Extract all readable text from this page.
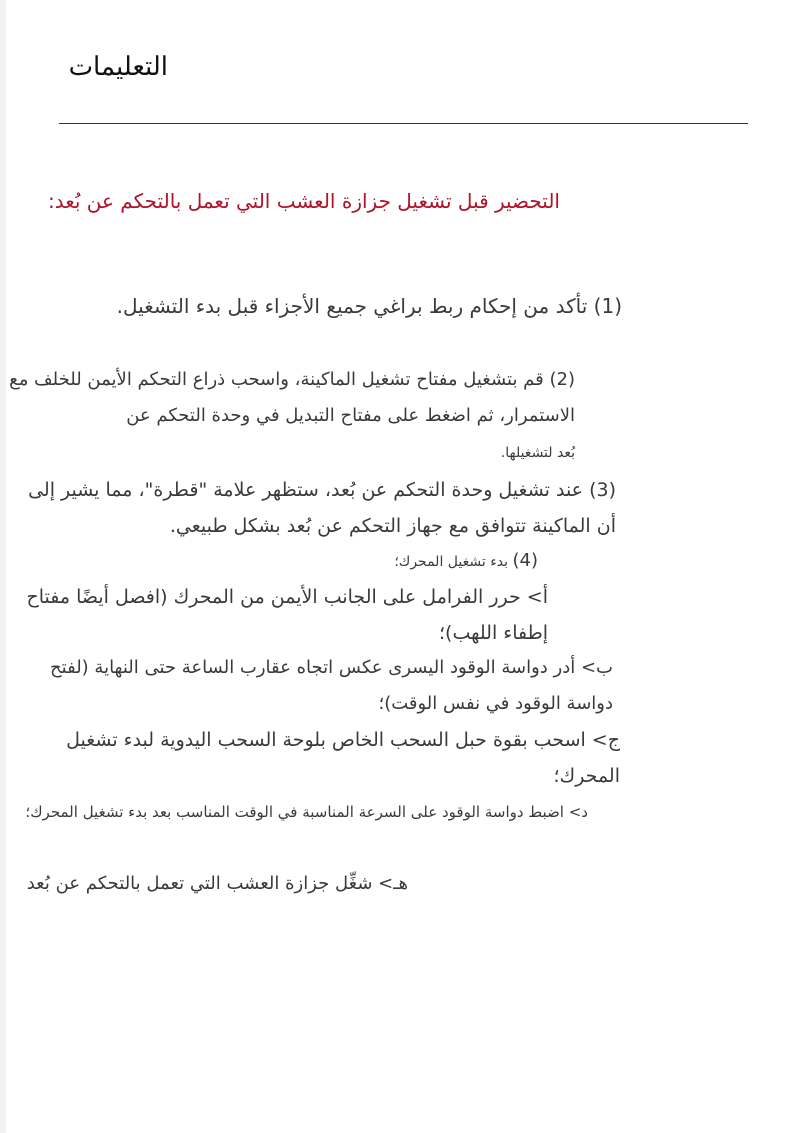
التعليمات
التحضير قبل تشغيل جزازة العشب التي تعمل بالتحكم عن بُعد:

(1) تأكد من إحكام ربط براغي جميع الأجزاء قبل بدء التشغيل.

(2) قم بتشغيل مفتاح تشغيل الماكينة، واسحب ذراع التحكم الأيمن للخلف مع الاستمرار، ثم اضغط على مفتاح التبديل في وحدة التحكم عن
بُعد لتشغيلها.

(3) عند تشغيل وحدة التحكم عن بُعد، ستظهر علامة "قطرة"، مما يشير إلى أن الماكينة تتوافق مع جهاز التحكم عن بُعد بشكل طبيعي.

(4) بدء تشغيل المحرك؛

أ> حرر الفرامل على الجانب الأيمن من المحرك (افصل أيضًا مفتاح إطفاء اللهب)؛

ب> أدر دواسة الوقود اليسرى عكس اتجاه عقارب الساعة حتى النهاية (لفتح دواسة الوقود في نفس الوقت)؛

ج> اسحب بقوة حبل السحب الخاص بلوحة السحب اليدوية لبدء تشغيل المحرك؛

د> اضبط دواسة الوقود على السرعة المناسبة في الوقت المناسب بعد بدء تشغيل المحرك؛

هـ> شغِّل جزازة العشب التي تعمل بالتحكم عن بُعد
